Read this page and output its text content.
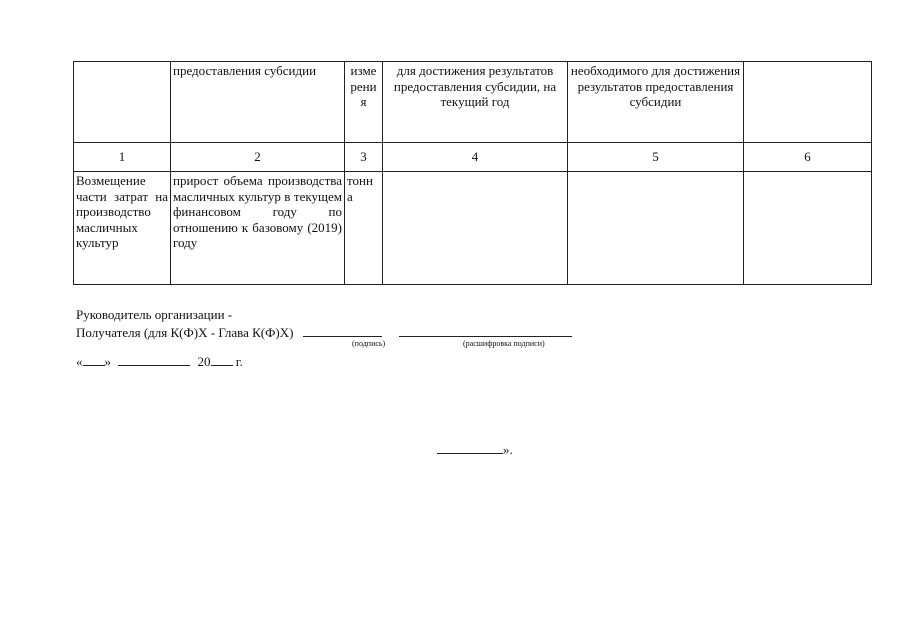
	предоставления субсидии	изме рени я	для достижения результатов предоставления субсидии, на текущий год	необходимого для достижения результатов предоставления субсидии	
1	2	3	4	5	6
Возмещение части затрат на производство масличных культур	прирост объема производства масличных культур в текущем финансовом году по отношению к базовому (2019) году	тонн а			
Руководитель организации -
Получателя (для К(Ф)Х - Глава К(Ф)Х)
(подпись)	(расшифровка подписи)
« »	20 г.
».
